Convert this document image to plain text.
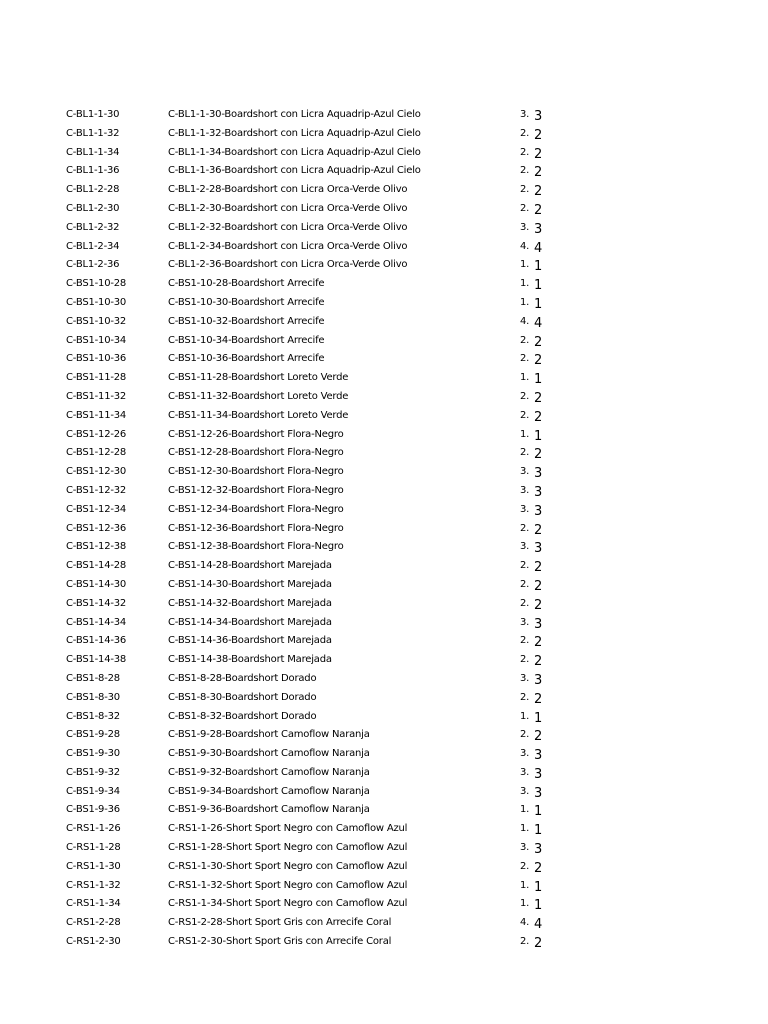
C-BL1-1-30	C-BL1-1-30-Boardshort con Licra Aquadrip-Azul Cielo	3. 3
C-BL1-1-32	C-BL1-1-32-Boardshort con Licra Aquadrip-Azul Cielo	2. 2
C-BL1-1-34	C-BL1-1-34-Boardshort con Licra Aquadrip-Azul Cielo	2. 2
C-BL1-1-36	C-BL1-1-36-Boardshort con Licra Aquadrip-Azul Cielo	2. 2
C-BL1-2-28	C-BL1-2-28-Boardshort con Licra Orca-Verde Olivo	2. 2
C-BL1-2-30	C-BL1-2-30-Boardshort con Licra Orca-Verde Olivo	2. 2
C-BL1-2-32	C-BL1-2-32-Boardshort con Licra Orca-Verde Olivo	3. 3
C-BL1-2-34	C-BL1-2-34-Boardshort con Licra Orca-Verde Olivo	4. 4
C-BL1-2-36	C-BL1-2-36-Boardshort con Licra Orca-Verde Olivo	1. 1
C-BS1-10-28	C-BS1-10-28-Boardshort Arrecife	1. 1
C-BS1-10-30	C-BS1-10-30-Boardshort Arrecife	1. 1
C-BS1-10-32	C-BS1-10-32-Boardshort Arrecife	4. 4
C-BS1-10-34	C-BS1-10-34-Boardshort Arrecife	2. 2
C-BS1-10-36	C-BS1-10-36-Boardshort Arrecife	2. 2
C-BS1-11-28	C-BS1-11-28-Boardshort Loreto Verde	1. 1
C-BS1-11-32	C-BS1-11-32-Boardshort Loreto Verde	2. 2
C-BS1-11-34	C-BS1-11-34-Boardshort Loreto Verde	2. 2
C-BS1-12-26	C-BS1-12-26-Boardshort Flora-Negro	1. 1
C-BS1-12-28	C-BS1-12-28-Boardshort Flora-Negro	2. 2
C-BS1-12-30	C-BS1-12-30-Boardshort Flora-Negro	3. 3
C-BS1-12-32	C-BS1-12-32-Boardshort Flora-Negro	3. 3
C-BS1-12-34	C-BS1-12-34-Boardshort Flora-Negro	3. 3
C-BS1-12-36	C-BS1-12-36-Boardshort Flora-Negro	2. 2
C-BS1-12-38	C-BS1-12-38-Boardshort Flora-Negro	3. 3
C-BS1-14-28	C-BS1-14-28-Boardshort Marejada	2. 2
C-BS1-14-30	C-BS1-14-30-Boardshort Marejada	2. 2
C-BS1-14-32	C-BS1-14-32-Boardshort Marejada	2. 2
C-BS1-14-34	C-BS1-14-34-Boardshort Marejada	3. 3
C-BS1-14-36	C-BS1-14-36-Boardshort Marejada	2. 2
C-BS1-14-38	C-BS1-14-38-Boardshort Marejada	2. 2
C-BS1-8-28	C-BS1-8-28-Boardshort Dorado	3. 3
C-BS1-8-30	C-BS1-8-30-Boardshort Dorado	2. 2
C-BS1-8-32	C-BS1-8-32-Boardshort Dorado	1. 1
C-BS1-9-28	C-BS1-9-28-Boardshort Camoflow Naranja	2. 2
C-BS1-9-30	C-BS1-9-30-Boardshort Camoflow Naranja	3. 3
C-BS1-9-32	C-BS1-9-32-Boardshort Camoflow Naranja	3. 3
C-BS1-9-34	C-BS1-9-34-Boardshort Camoflow Naranja	3. 3
C-BS1-9-36	C-BS1-9-36-Boardshort Camoflow Naranja	1. 1
C-RS1-1-26	C-RS1-1-26-Short Sport Negro con Camoflow Azul	1. 1
C-RS1-1-28	C-RS1-1-28-Short Sport Negro con Camoflow Azul	3. 3
C-RS1-1-30	C-RS1-1-30-Short Sport Negro con Camoflow Azul	2. 2
C-RS1-1-32	C-RS1-1-32-Short Sport Negro con Camoflow Azul	1. 1
C-RS1-1-34	C-RS1-1-34-Short Sport Negro con Camoflow Azul	1. 1
C-RS1-2-28	C-RS1-2-28-Short Sport Gris con Arrecife Coral	4. 4
C-RS1-2-30	C-RS1-2-30-Short Sport Gris con Arrecife Coral	2. 2
